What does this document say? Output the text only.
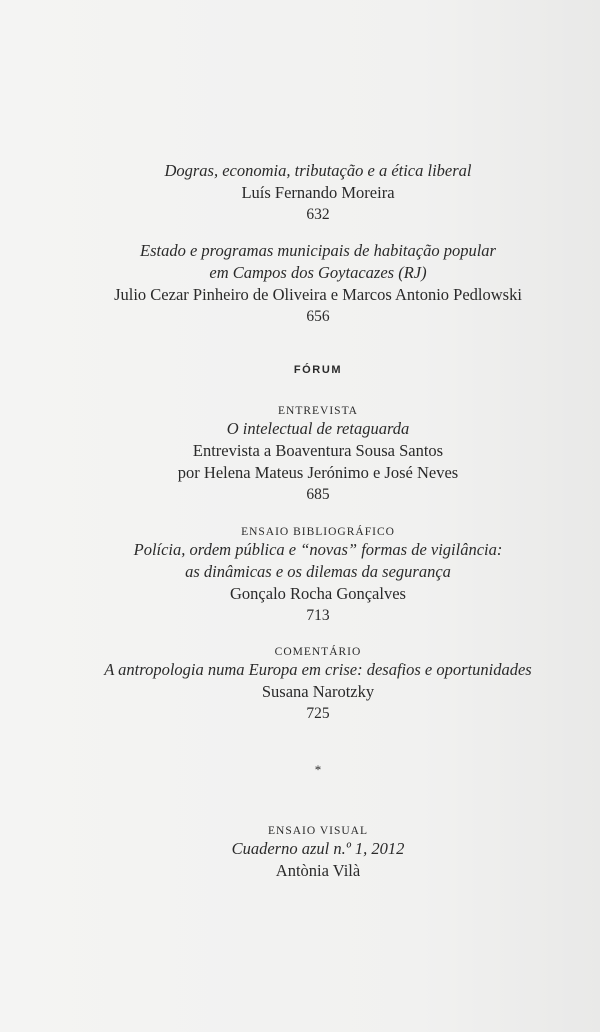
Dogras, economia, tributação e a ética liberal
Luís Fernando Moreira
632
Estado e programas municipais de habitação popular
em Campos dos Goytacazes (RJ)
Julio Cezar Pinheiro de Oliveira e Marcos Antonio Pedlowski
656
FÓRUM
ENTREVISTA
O intelectual de retaguarda
Entrevista a Boaventura Sousa Santos
por Helena Mateus Jerónimo e José Neves
685
ENSAIO BIBLIOGRÁFICO
Polícia, ordem pública e “novas” formas de vigilância:
as dinâmicas e os dilemas da segurança
Gonçalo Rocha Gonçalves
713
COMENTÁRIO
A antropologia numa Europa em crise: desafios e oportunidades
Susana Narotzky
725
*
ENSAIO VISUAL
Cuaderno azul n.º 1, 2012
Antònia Vilà
